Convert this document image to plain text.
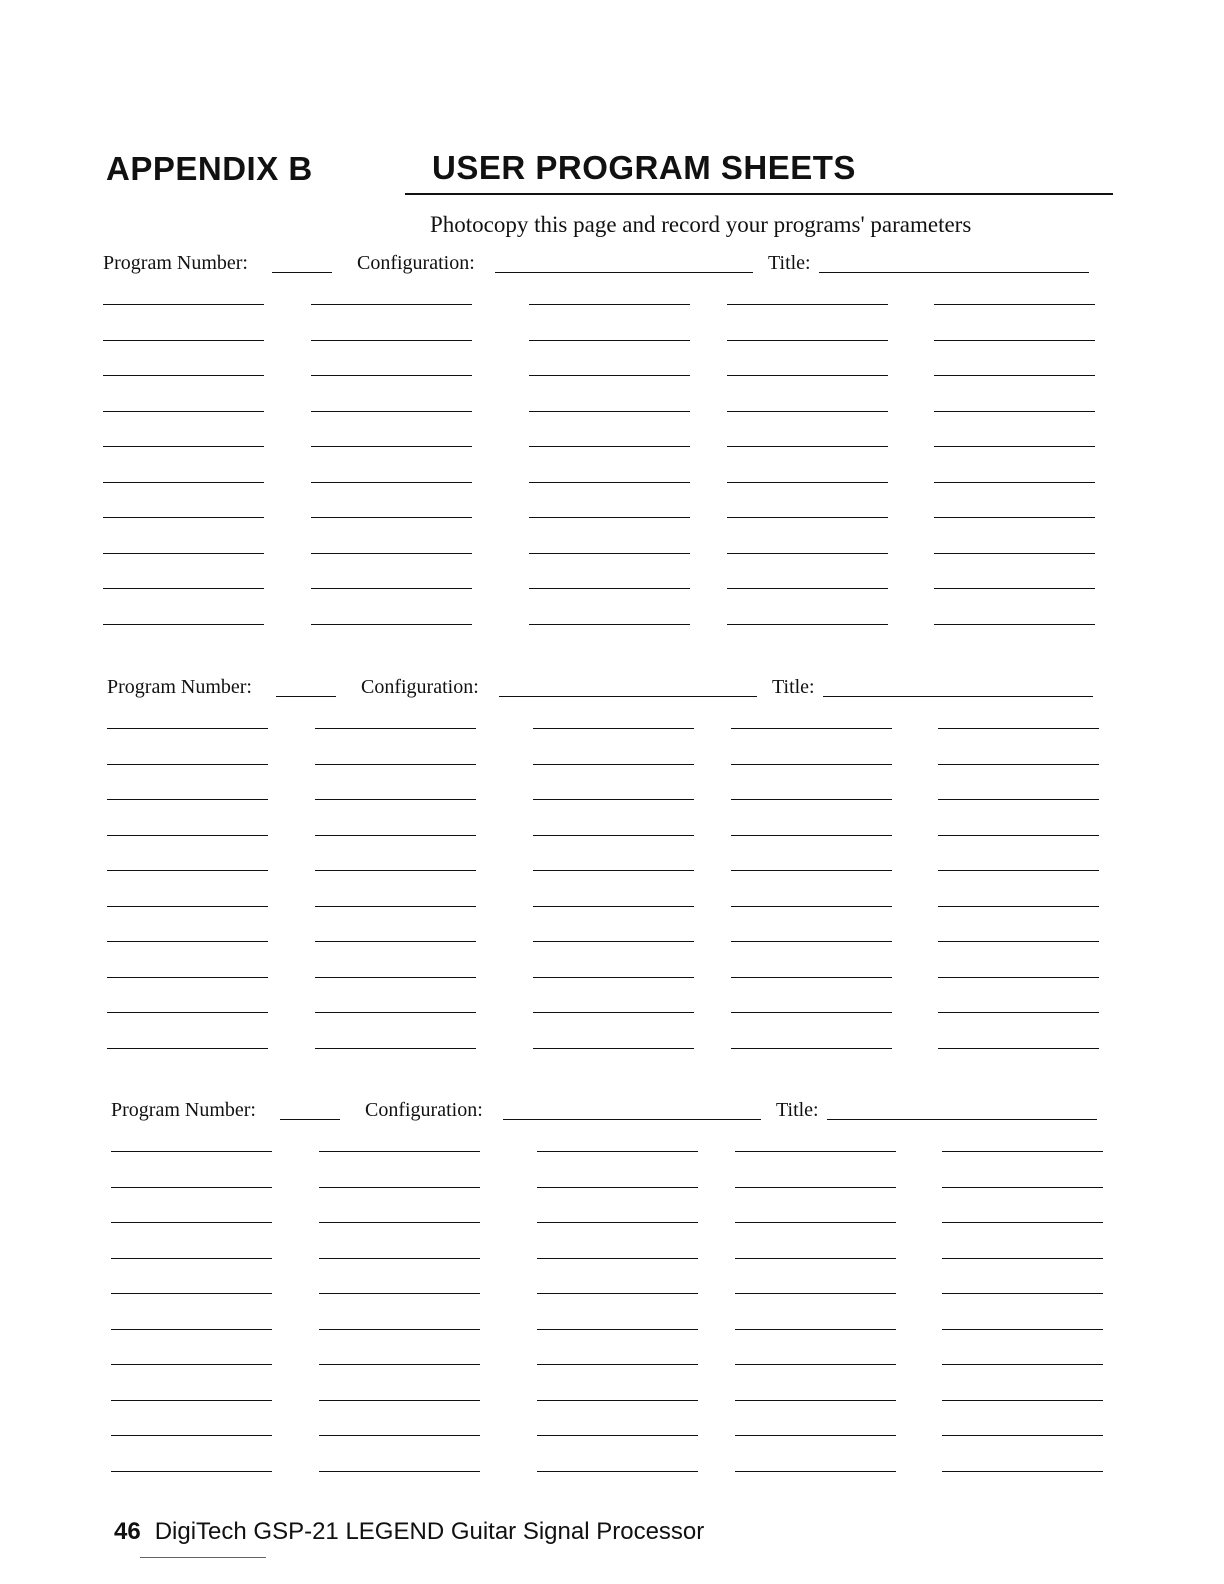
APPENDIX B	USER PROGRAM SHEETS
Photocopy this page and record your programs' parameters
Program Number:	Configuration:	Title:
Program Number:	Configuration:	Title:
Program Number:	Configuration:	Title:
46 DigiTech GSP-21 LEGEND Guitar Signal Processor
